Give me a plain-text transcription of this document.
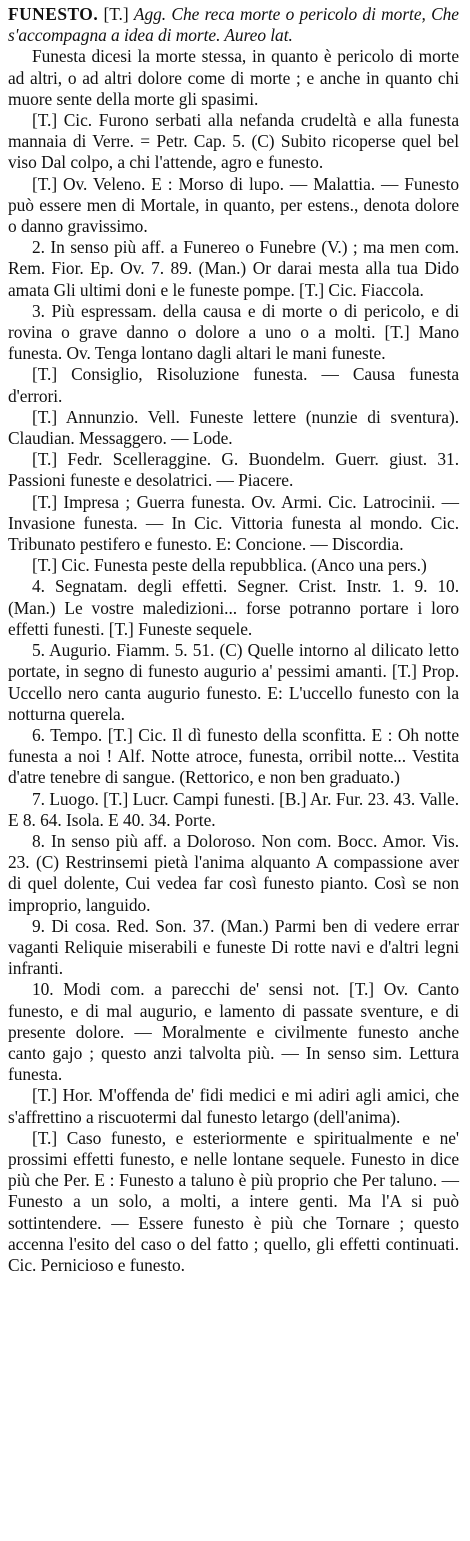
FUNESTO. [T.] Agg. Che reca morte o pericolo di morte, Che s'accompagna a idea di morte. Aureo lat.

Funesta dicesi la morte stessa, in quanto è pericolo di morte ad altri, o ad altri dolore come di morte ; e anche in quanto chi muore sente della morte gli spasimi.

[T.] Cic. Furono serbati alla nefanda crudeltà e alla funesta mannaia di Verre. = Petr. Cap. 5. (C) Subito ricoperse quel bel viso Dal colpo, a chi l'attende, agro e funesto.

[T.] Ov. Veleno. E : Morso di lupo. — Malattia. — Funesto può essere men di Mortale, in quanto, per estens., denota dolore o danno gravissimo.

2. In senso più aff. a Funereo o Funebre (V.) ; ma men com. Rem. Fior. Ep. Ov. 7. 89. (Man.) Or darai mesta alla tua Dido amata Gli ultimi doni e le funeste pompe. [T.] Cic. Fiaccola.

3. Più espressam. della causa e di morte o di pericolo, e di rovina o grave danno o dolore a uno o a molti. [T.] Mano funesta. Ov. Tenga lontano dagli altari le mani funeste.

[T.] Consiglio, Risoluzione funesta. — Causa funesta d'errori.

[T.] Annunzio. Vell. Funeste lettere (nunzie di sventura). Claudian. Messaggero. — Lode.

[T.] Fedr. Scelleraggine. G. Buondelm. Guerr. giust. 31. Passioni funeste e desolatrici. — Piacere.

[T.] Impresa ; Guerra funesta. Ov. Armi. Cic. Latrocinii. — Invasione funesta. — In Cic. Vittoria funesta al mondo. Cic. Tribunato pestifero e funesto. E: Concione. — Discordia.

[T.] Cic. Funesta peste della repubblica. (Anco una pers.)

4. Segnatam. degli effetti. Segner. Crist. Instr. 1. 9. 10. (Man.) Le vostre maledizioni... forse potranno portare i loro effetti funesti. [T.] Funeste sequele.

5. Augurio. Fiamm. 5. 51. (C) Quelle intorno al dilicato letto portate, in segno di funesto augurio a' pessimi amanti. [T.] Prop. Uccello nero canta augurio funesto. E: L'uccello funesto con la notturna querela.

6. Tempo. [T.] Cic. Il dì funesto della sconfitta. E : Oh notte funesta a noi ! Alf. Notte atroce, funesta, orribil notte... Vestita d'atre tenebre di sangue. (Rettorico, e non ben graduato.)

7. Luogo. [T.] Lucr. Campi funesti. [B.] Ar. Fur. 23. 43. Valle. E 8. 64. Isola. E 40. 34. Porte.

8. In senso più aff. a Doloroso. Non com. Bocc. Amor. Vis. 23. (C) Restrinsemi pietà l'anima alquanto A compassione aver di quel dolente, Cui vedea far così funesto pianto. Così se non improprio, languido.

9. Di cosa. Red. Son. 37. (Man.) Parmi ben di vedere errar vaganti Reliquie miserabili e funeste Di rotte navi e d'altri legni infranti.

10. Modi com. a parecchi de' sensi not. [T.] Ov. Canto funesto, e di mal augurio, e lamento di passate sventure, e di presente dolore. — Moralmente e civilmente funesto anche canto gajo ; questo anzi talvolta più. — In senso sim. Lettura funesta.

[T.] Hor. M'offenda de' fidi medici e mi adiri agli amici, che s'affrettino a riscuotermi dal funesto letargo (dell'anima).

[T.] Caso funesto, e esteriormente e spiritualmente e ne' prossimi effetti funesto, e nelle lontane sequele. Funesto in dice più che Per. E : Funesto a taluno è più proprio che Per taluno. — Funesto a un solo, a molti, a intere genti. Ma l'A si può sottintendere. — Essere funesto è più che Tornare ; questo accenna l'esito del caso o del fatto ; quello, gli effetti continuati. Cic. Pernicioso e funesto.
